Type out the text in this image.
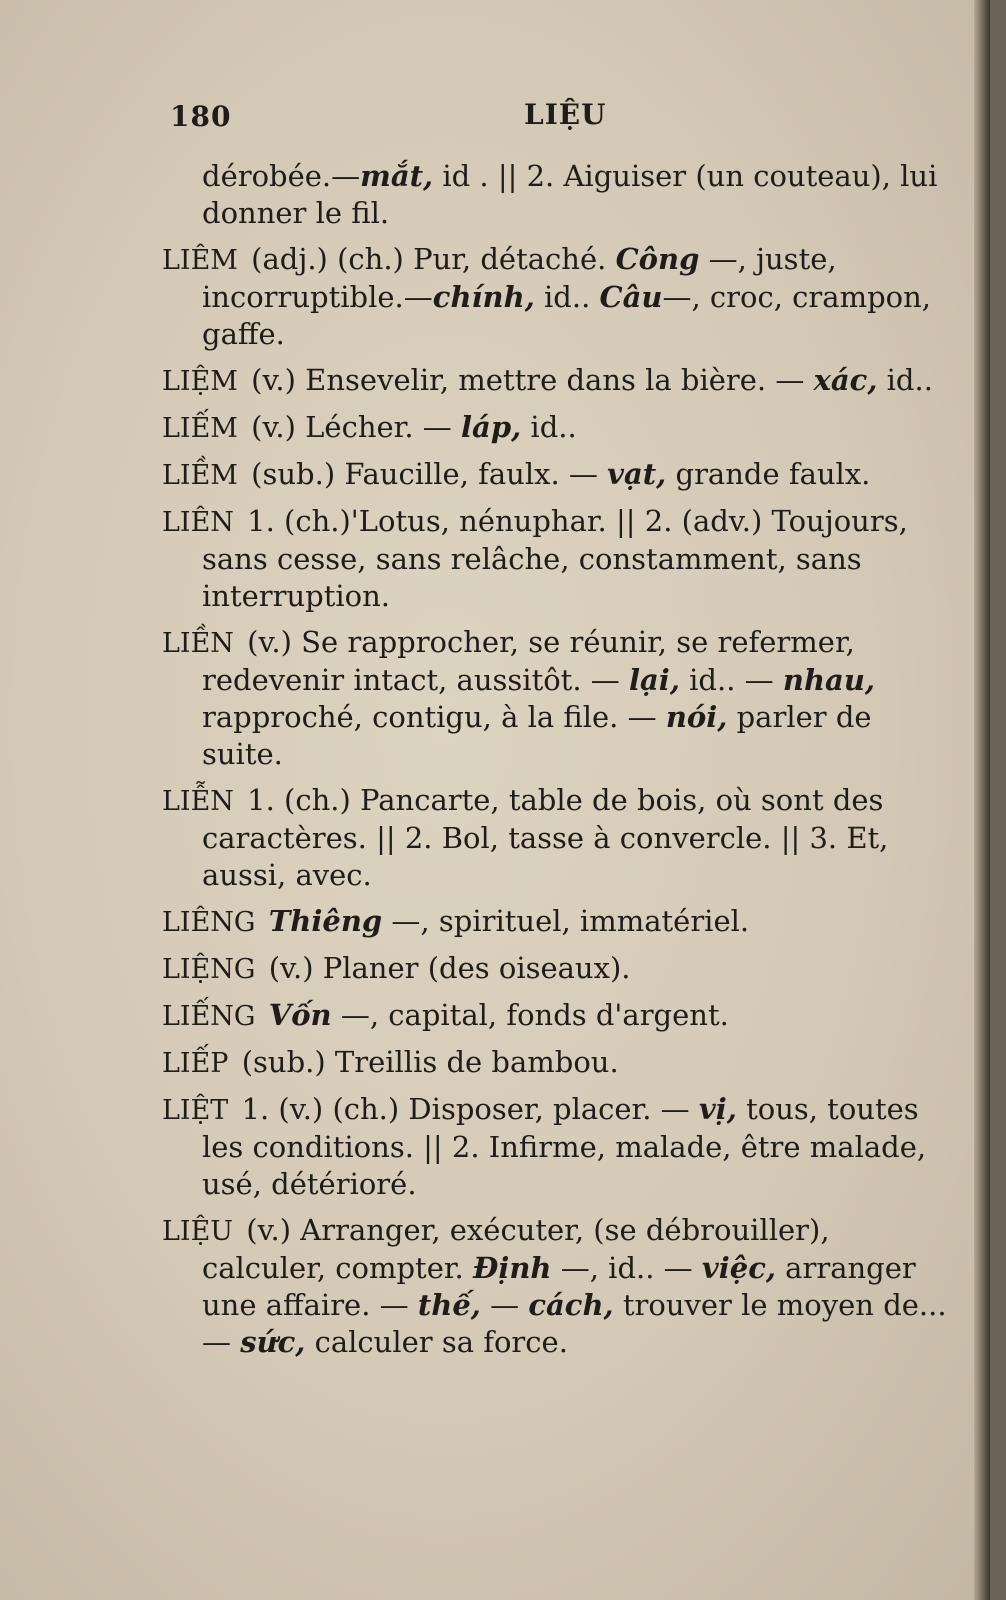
180	LIỆU
dérobée.—mắt, id . || 2. Aiguiser (un couteau), lui donner le fil.
LIÊM (adj.) (ch.) Pur, détaché. Công —, juste, incorruptible.—chính, id.. Câu—, croc, crampon, gaffe.
LIỆM (v.) Ensevelir, mettre dans la bière. — xác, id..
LIẾM (v.) Lécher. — láp, id..
LIỀM (sub.) Faucille, faulx. — vạt, grande faulx.
LIÊN 1. (ch.)'Lotus, nénuphar. || 2. (adv.) Toujours, sans cesse, sans relâche, constamment, sans interruption.
LIỀN (v.) Se rapprocher, se réunir, se refermer, redevenir intact, aussitôt. — lại, id.. — nhau, rapproché, contigu, à la file. — nói, parler de suite.
LIỄN 1. (ch.) Pancarte, table de bois, où sont des caractères. || 2. Bol, tasse à convercle. || 3. Et, aussi, avec.
LIÊNG Thiêng —, spirituel, immatériel.
LIỆNG (v.) Planer (des oiseaux).
LIẾNG Vốn —, capital, fonds d'argent.
LIẾP (sub.) Treillis de bambou.
LIỆT 1. (v.) (ch.) Disposer, placer. — vị, tous, toutes les conditions. || 2. Infirme, malade, être malade, usé, détérioré.
LIỆU (v.) Arranger, exécuter, (se débrouiller), calculer, compter. Định —, id.. — việc, arranger une affaire. — thế, — cách, trouver le moyen de... — sức, calculer sa force.
